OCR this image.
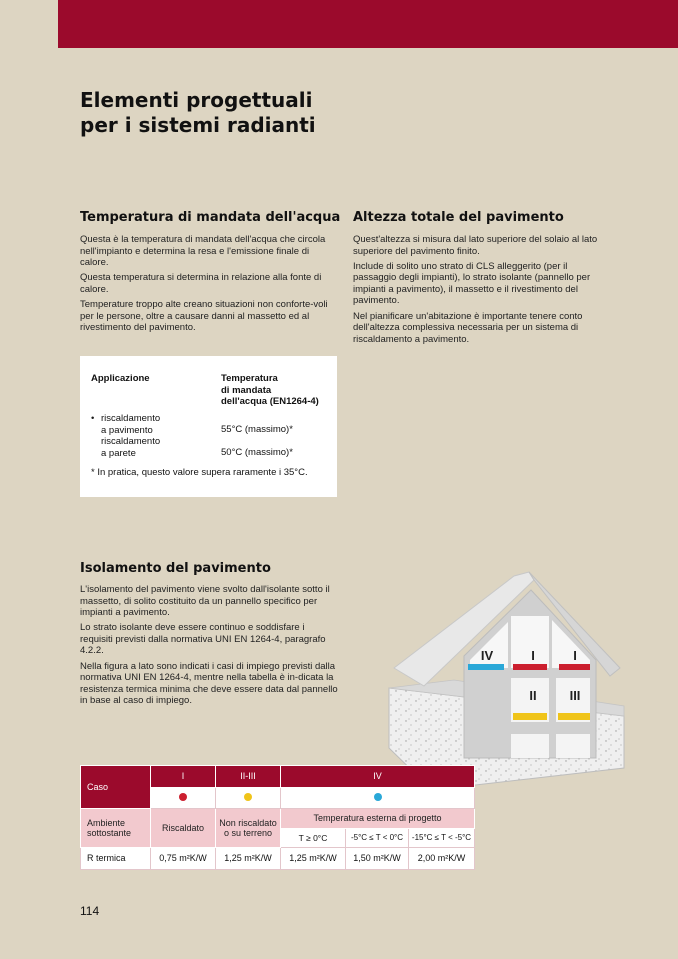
Elementi progettuali
per i sistemi radianti
Temperatura di mandata dell'acqua

Questa è la temperatura di mandata dell'acqua che circola nell'impianto e determina la resa e l'emissione finale di calore.

Questa temperatura si determina in relazione alla fonte di calore.

Temperature troppo alte creano situazioni non conforte-voli per le persone, oltre a causare danni al massetto ed al rivestimento del pavimento.

Altezza totale del pavimento

Quest'altezza si misura dal lato superiore del solaio al lato superiore del pavimento finito.

Include di solito uno strato di CLS alleggerito (per il passaggio degli impianti), lo strato isolante (pannello per impianti a pavimento), il massetto e il rivestimento del pavimento.

Nel pianificare un'abitazione è importante tenere conto dell'altezza complessiva necessaria per un sistema di riscaldamento a pavimento.

Applicazione	Temperatura
di mandata
dell'acqua (EN1264-4)
• riscaldamento
a pavimento	55°C (massimo)*
riscaldamento
a parete	50°C (massimo)*
* In pratica, questo valore supera raramente i 35°C.
Isolamento del pavimento

L'isolamento del pavimento viene svolto dall'isolante sotto il massetto, di solito costituito da un pannello specifico per impianti a pavimento.

Lo strato isolante deve essere continuo e soddisfare i requisiti previsti dalla normativa UNI EN 1264-4, paragrafo 4.2.2.

Nella figura a lato sono indicati i casi di impiego previsti dalla normativa UNI EN 1264-4, mentre nella tabella è in-dicata la resistenza termica minima che deve essere data dal pannello in base al caso di impiego.

IV	I	I
II	III
Caso	I	II-III	IV		

Ambiente
sottostante	Riscaldato	Non riscaldato
o su terreno	Temperatura esterna di progetto		
			T ≥ 0°C	-5°C ≤ T < 0°C	-15°C ≤ T < -5°C
R termica	0,75 m²K/W	1,25 m²K/W	1,25 m²K/W	1,50 m²K/W	2,00 m²K/W
114
